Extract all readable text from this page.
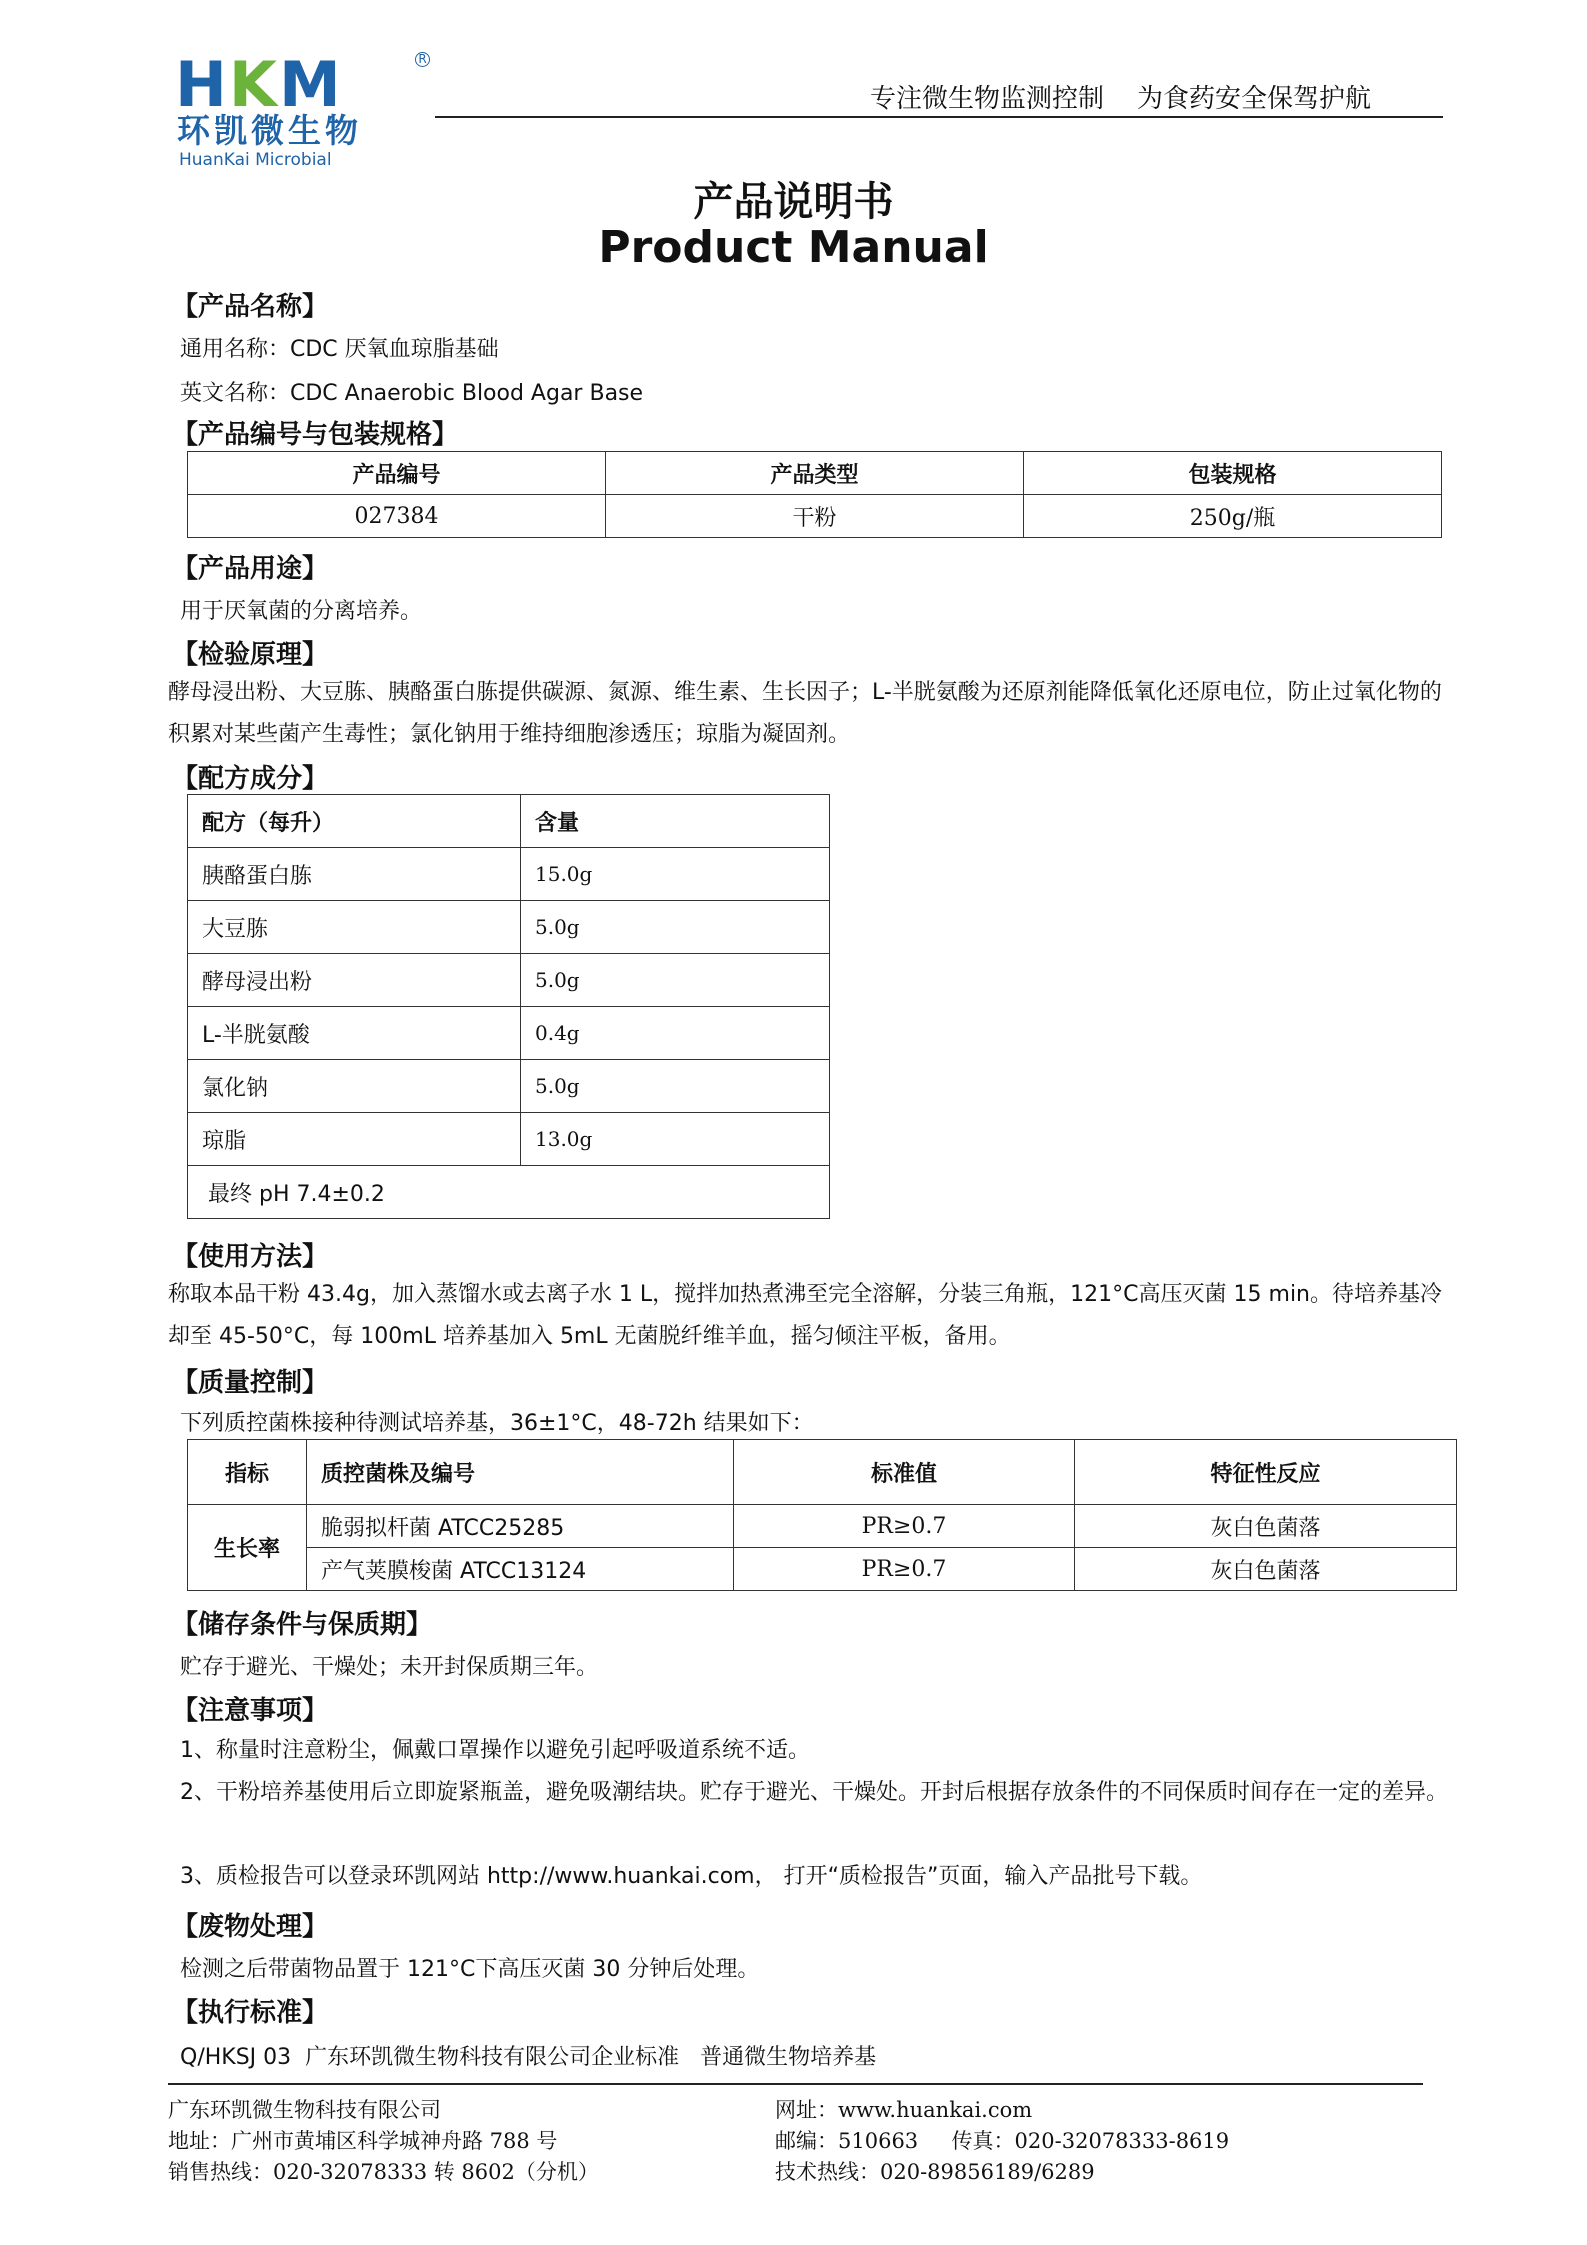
HKM	R
环凯微生物
HuanKai Microbial
专注微生物监测控制    为食药安全保驾护航
产品说明书
Product Manual
【产品名称】
通用名称：CDC 厌氧血琼脂基础
英文名称：CDC Anaerobic Blood Agar Base
【产品编号与包装规格】
产品编号	产品类型	包装规格
027384	干粉	250g/瓶
【产品用途】
用于厌氧菌的分离培养。
【检验原理】
酵母浸出粉、大豆胨、胰酪蛋白胨提供碳源、氮源、维生素、生长因子；L-半胱氨酸为还原剂能降低氧化还原电位，防止过氧化物的积累对某些菌产生毒性；氯化钠用于维持细胞渗透压；琼脂为凝固剂。
【配方成分】
配方（每升）	含量
胰酪蛋白胨	15.0g
大豆胨	5.0g
酵母浸出粉	5.0g
L-半胱氨酸	0.4g
氯化钠	5.0g
琼脂	13.0g
最终 pH 7.4±0.2	
【使用方法】
称取本品干粉 43.4g，加入蒸馏水或去离子水 1 L，搅拌加热煮沸至完全溶解，分装三角瓶，121°C高压灭菌 15 min。待培养基冷却至 45-50°C，每 100mL 培养基加入 5mL 无菌脱纤维羊血，摇匀倾注平板，备用。
【质量控制】
下列质控菌株接种待测试培养基，36±1°C，48-72h 结果如下：
指标	质控菌株及编号	标准值	特征性反应
生长率	脆弱拟杆菌 ATCC25285	PR≥0.7	灰白色菌落
	产气荚膜梭菌 ATCC13124	PR≥0.7	灰白色菌落
【储存条件与保质期】
贮存于避光、干燥处；未开封保质期三年。
【注意事项】
1、称量时注意粉尘，佩戴口罩操作以避免引起呼吸道系统不适。
2、干粉培养基使用后立即旋紧瓶盖，避免吸潮结块。贮存于避光、干燥处。开封后根据存放条件的不同保质时间存在一定的差异。
3、质检报告可以登录环凯网站 http://www.huankai.com， 打开“质检报告”页面，输入产品批号下载。
【废物处理】
检测之后带菌物品置于 121°C下高压灭菌 30 分钟后处理。
【执行标准】
Q/HKSJ 03  广东环凯微生物科技有限公司企业标准   普通微生物培养基
广东环凯微生物科技有限公司
地址：广州市黄埔区科学城神舟路 788 号
销售热线：020-32078333 转 8602（分机）
网址：www.huankai.com
邮编：510663     传真：020-32078333-8619
技术热线：020-89856189/6289
